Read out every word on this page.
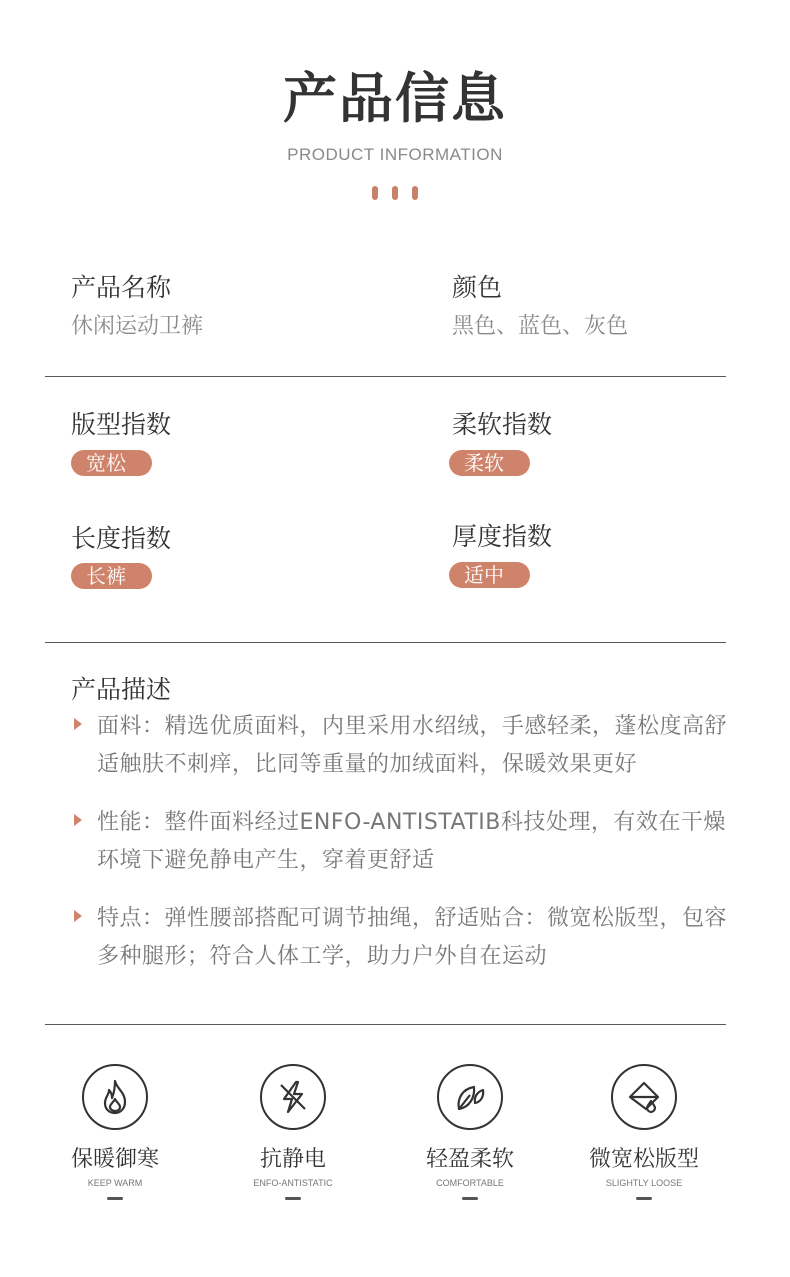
产品信息
PRODUCT INFORMATION
产品名称
休闲运动卫裤
颜色
黑色、蓝色、灰色
版型指数
宽松
柔软指数
柔软
长度指数
长裤
厚度指数
适中
产品描述
面料：精选优质面料，内里采用水绍绒，手感轻柔，蓬松度高舒适触肤不刺痒，比同等重量的加绒面料，保暖效果更好
性能：整件面料经过ENFO-ANTISTATIB科技处理，有效在干燥环境下避免静电产生，穿着更舒适
特点：弹性腰部搭配可调节抽绳，舒适贴合：微宽松版型，包容多种腿形；符合人体工学，助力户外自在运动
保暖御寒
KEEP WARM
抗静电
ENFO-ANTISTATIC
轻盈柔软
COMFORTABLE
微宽松版型
SLIGHTLY LOOSE
